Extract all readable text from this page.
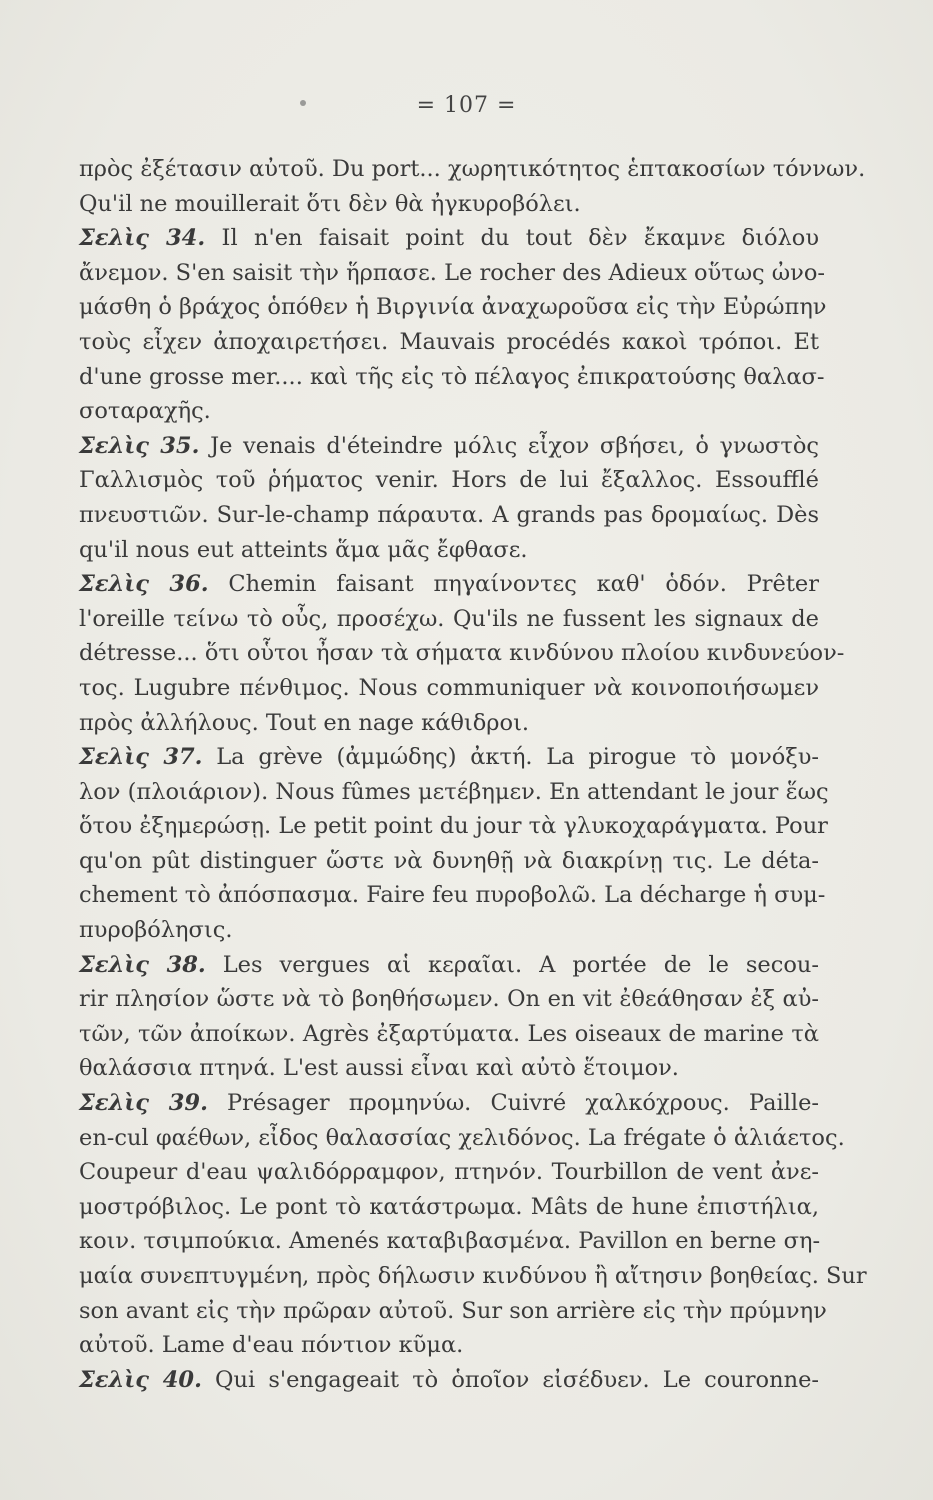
= 107 =
πρὸς ἐξέτασιν αὐτοῦ. Du port... χωρητικότητος ἑπτακοσίων τόννων.
Qu'il ne mouillerait ὅτι δὲν θὰ ἠγκυροβόλει.
Σελὶς 34. Il n'en faisait point du tout δὲν ἔκαμνε διόλου
ἄνεμον. S'en saisit τὴν ἥρπασε. Le rocher des Adieux οὕτως ὠνο-
μάσθη ὁ βράχος ὁπόθεν ἡ Βιργινία ἀναχωροῦσα εἰς τὴν Εὐρώπην
τοὺς εἶχεν ἀποχαιρετήσει. Mauvais procédés κακοὶ τρόποι. Et
d'une grosse mer.... καὶ τῆς εἰς τὸ πέλαγος ἐπικρατούσης θαλασ-
σοταραχῆς.
Σελὶς 35. Je venais d'éteindre μόλις εἶχον σβήσει, ὁ γνωστὸς
Γαλλισμὸς τοῦ ῥήματος venir. Hors de lui ἔξαλλος. Essoufflé
πνευστιῶν. Sur-le-champ πάραυτα. A grands pas δρομαίως. Dès
qu'il nous eut atteints ἅμα μᾶς ἔφθασε.
Σελὶς 36. Chemin faisant πηγαίνοντες καθ' ὁδόν. Prêter
l'oreille τείνω τὸ οὖς, προσέχω. Qu'ils ne fussent les signaux de
détresse... ὅτι οὗτοι ἦσαν τὰ σήματα κινδύνου πλοίου κινδυνεύον-
τος. Lugubre πένθιμος. Nous communiquer νὰ κοινοποιήσωμεν
πρὸς ἀλλήλους. Tout en nage κάθιδροι.
Σελὶς 37. La grève (ἀμμώδης) ἀκτή. La pirogue τὸ μονόξυ-
λον (πλοιάριον). Nous fûmes μετέβημεν. En attendant le jour ἕως
ὅτου ἐξημερώσῃ. Le petit point du jour τὰ γλυκοχαράγματα. Pour
qu'on pût distinguer ὥστε νὰ δυνηθῇ νὰ διακρίνῃ τις. Le déta-
chement τὸ ἀπόσπασμα. Faire feu πυροβολῶ. La décharge ἡ συμ-
πυροβόλησις.
Σελὶς 38. Les vergues αἱ κεραῖαι. A portée de le secou-
rir πλησίον ὥστε νὰ τὸ βοηθήσωμεν. On en vit ἐθεάθησαν ἐξ αὐ-
τῶν, τῶν ἀποίκων. Agrès ἐξαρτύματα. Les oiseaux de marine τὰ
θαλάσσια πτηνά. L'est aussi εἶναι καὶ αὐτὸ ἕτοιμον.
Σελὶς 39. Présager προμηνύω. Cuivré χαλκόχρους. Paille-
en-cul φαέθων, εἶδος θαλασσίας χελιδόνος. La frégate ὁ ἁλιάετος.
Coupeur d'eau ψαλιδόρραμφον, πτηνόν. Tourbillon de vent ἀνε-
μοστρόβιλος. Le pont τὸ κατάστρωμα. Mâts de hune ἐπιστήλια,
κοιν. τσιμπούκια. Amenés καταβιβασμένα. Pavillon en berne ση-
μαία συνεπτυγμένη, πρὸς δήλωσιν κινδύνου ἢ αἴτησιν βοηθείας. Sur
son avant εἰς τὴν πρῶραν αὐτοῦ. Sur son arrière εἰς τὴν πρύμνην
αὐτοῦ. Lame d'eau πόντιον κῦμα.
Σελὶς 40. Qui s'engageait τὸ ὁποῖον εἰσέδυεν. Le couronne-
